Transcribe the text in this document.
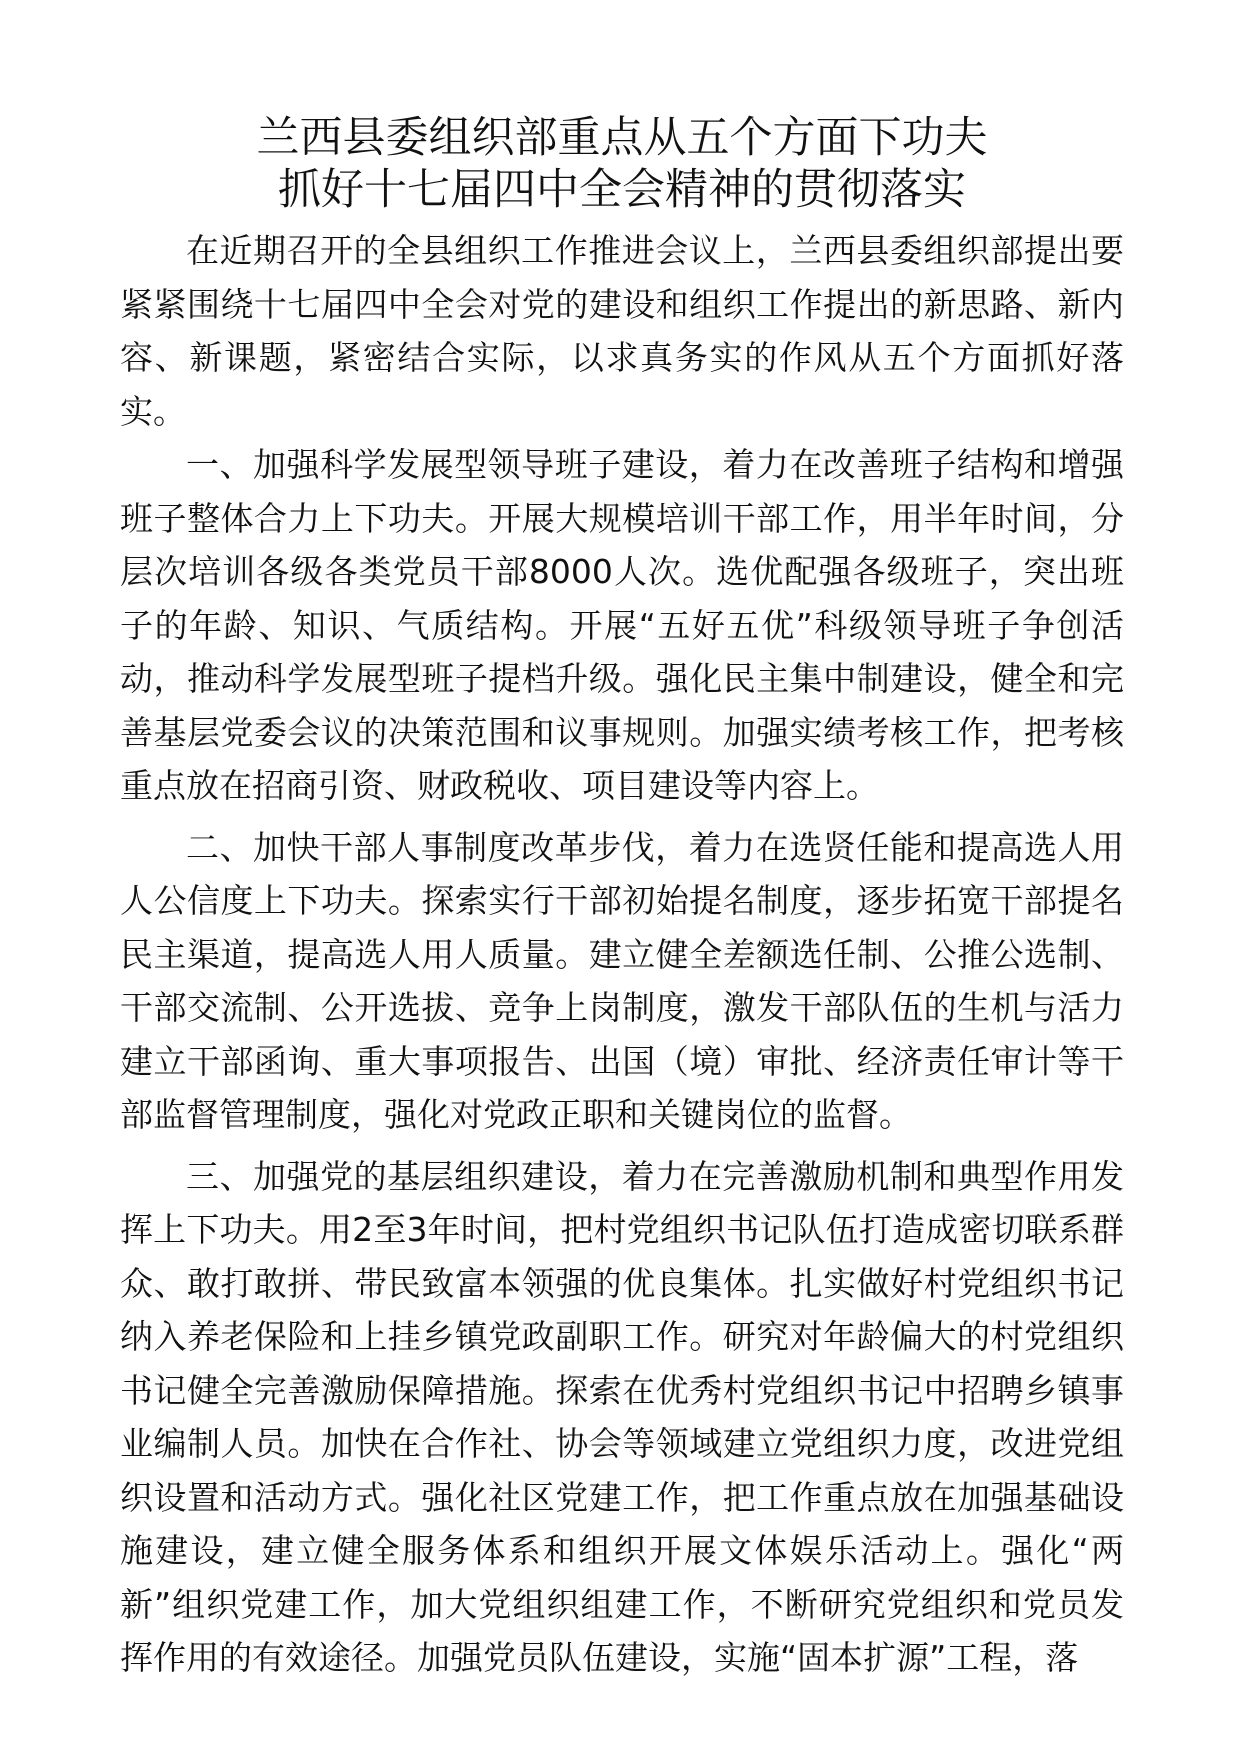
兰西县委组织部重点从五个方面下功夫
抓好十七届四中全会精神的贯彻落实

在近期召开的全县组织工作推进会议上，兰西县委组织部提出要紧紧围绕十七届四中全会对党的建设和组织工作提出的新思路、新内容、新课题，紧密结合实际，以求真务实的作风从五个方面抓好落实。

一、加强科学发展型领导班子建设，着力在改善班子结构和增强班子整体合力上下功夫。开展大规模培训干部工作，用半年时间，分层次培训各级各类党员干部8000人次。选优配强各级班子，突出班子的年龄、知识、气质结构。开展“五好五优”科级领导班子争创活动，推动科学发展型班子提档升级。强化民主集中制建设，健全和完善基层党委会议的决策范围和议事规则。加强实绩考核工作，把考核重点放在招商引资、财政税收、项目建设等内容上。

二、加快干部人事制度改革步伐，着力在选贤任能和提高选人用人公信度上下功夫。探索实行干部初始提名制度，逐步拓宽干部提名民主渠道，提高选人用人质量。建立健全差额选任制、公推公选制、干部交流制、公开选拔、竞争上岗制度，激发干部队伍的生机与活力建立干部函询、重大事项报告、出国（境）审批、经济责任审计等干部监督管理制度，强化对党政正职和关键岗位的监督。

三、加强党的基层组织建设，着力在完善激励机制和典型作用发挥上下功夫。用2至3年时间，把村党组织书记队伍打造成密切联系群众、敢打敢拼、带民致富本领强的优良集体。扎实做好村党组织书记纳入养老保险和上挂乡镇党政副职工作。研究对年龄偏大的村党组织书记健全完善激励保障措施。探索在优秀村党组织书记中招聘乡镇事业编制人员。加快在合作社、协会等领域建立党组织力度，改进党组织设置和活动方式。强化社区党建工作，把工作重点放在加强基础设施建设，建立健全服务体系和组织开展文体娱乐活动上。强化“两新”组织党建工作，加大党组织组建工作，不断研究党组织和党员发挥作用的有效途径。加强党员队伍建设，实施“固本扩源”工程，落
